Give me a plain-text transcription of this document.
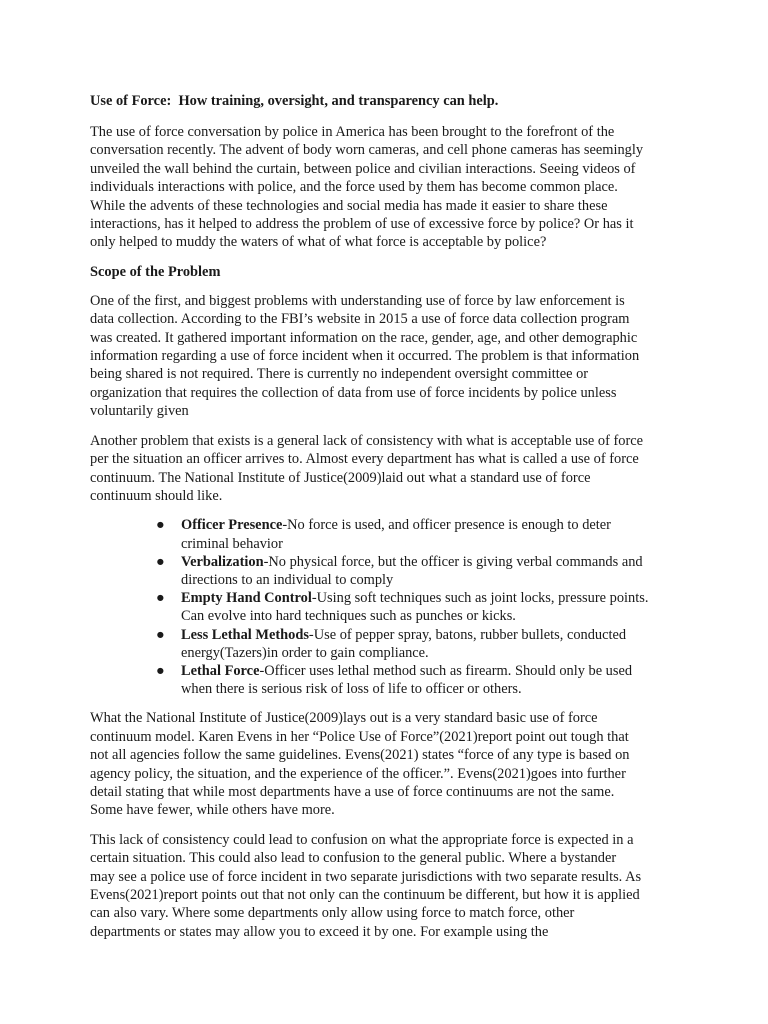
Use of Force:  How training, oversight, and transparency can help.

The use of force conversation by police in America has been brought to the forefront of the
conversation recently. The advent of body worn cameras, and cell phone cameras has seemingly
unveiled the wall behind the curtain, between police and civilian interactions. Seeing videos of
individuals interactions with police, and the force used by them has become common place.
While the advents of these technologies and social media has made it easier to share these
interactions, has it helped to address the problem of use of excessive force by police? Or has it
only helped to muddy the waters of what of what force is acceptable by police?

Scope of the Problem

One of the first, and biggest problems with understanding use of force by law enforcement is
data collection. According to the FBI’s website in 2015 a use of force data collection program
was created. It gathered important information on the race, gender, age, and other demographic
information regarding a use of force incident when it occurred. The problem is that information
being shared is not required. There is currently no independent oversight committee or
organization that requires the collection of data from use of force incidents by police unless
voluntarily given

Another problem that exists is a general lack of consistency with what is acceptable use of force
per the situation an officer arrives to. Almost every department has what is called a use of force
continuum. The National Institute of Justice(2009)laid out what a standard use of force
continuum should like.

●	Officer Presence-No force is used, and officer presence is enough to deter
criminal behavior
●	Verbalization-No physical force, but the officer is giving verbal commands and
directions to an individual to comply
●	Empty Hand Control-Using soft techniques such as joint locks, pressure points.
Can evolve into hard techniques such as punches or kicks.
●	Less Lethal Methods-Use of pepper spray, batons, rubber bullets, conducted
energy(Tazers)in order to gain compliance.
●	Lethal Force-Officer uses lethal method such as firearm. Should only be used
when there is serious risk of loss of life to officer or others.

What the National Institute of Justice(2009)lays out is a very standard basic use of force
continuum model. Karen Evens in her “Police Use of Force”(2021)report point out tough that
not all agencies follow the same guidelines. Evens(2021) states “force of any type is based on
agency policy, the situation, and the experience of the officer.”. Evens(2021)goes into further
detail stating that while most departments have a use of force continuums are not the same.
Some have fewer, while others have more.

This lack of consistency could lead to confusion on what the appropriate force is expected in a
certain situation. This could also lead to confusion to the general public. Where a bystander
may see a police use of force incident in two separate jurisdictions with two separate results. As
Evens(2021)report points out that not only can the continuum be different, but how it is applied
can also vary. Where some departments only allow using force to match force, other
departments or states may allow you to exceed it by one. For example using the
